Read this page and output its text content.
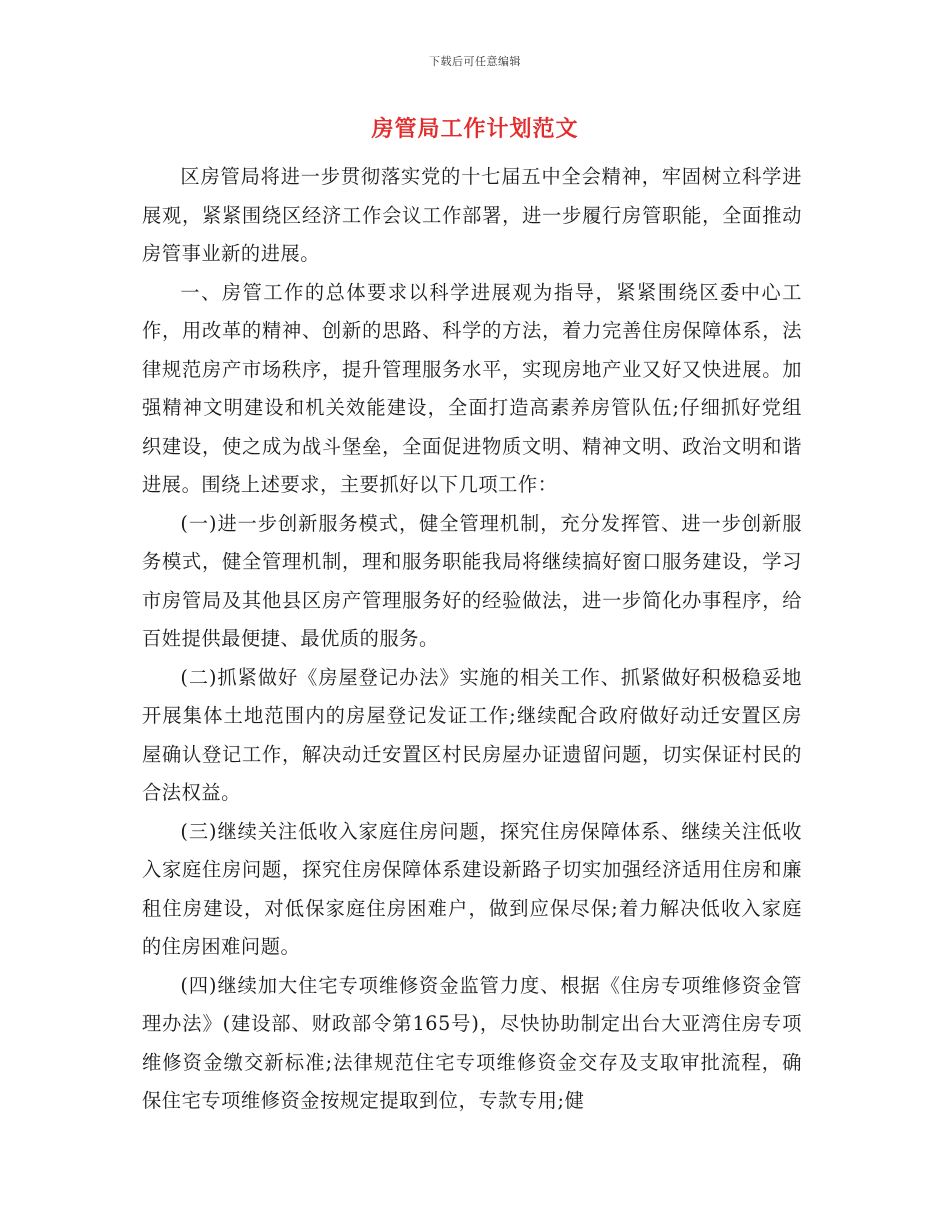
下载后可任意编辑
房管局工作计划范文

区房管局将进一步贯彻落实党的十七届五中全会精神，牢固树立科学进展观，紧紧围绕区经济工作会议工作部署，进一步履行房管职能，全面推动房管事业新的进展。

一、房管工作的总体要求以科学进展观为指导，紧紧围绕区委中心工作，用改革的精神、创新的思路、科学的方法，着力完善住房保障体系，法律规范房产市场秩序，提升管理服务水平，实现房地产业又好又快进展。加强精神文明建设和机关效能建设，全面打造高素养房管队伍;仔细抓好党组织建设，使之成为战斗堡垒，全面促进物质文明、精神文明、政治文明和谐进展。围绕上述要求，主要抓好以下几项工作：

(一)进一步创新服务模式，健全管理机制，充分发挥管、进一步创新服务模式，健全管理机制，理和服务职能我局将继续搞好窗口服务建设，学习市房管局及其他县区房产管理服务好的经验做法，进一步简化办事程序，给百姓提供最便捷、最优质的服务。

(二)抓紧做好《房屋登记办法》实施的相关工作、抓紧做好积极稳妥地开展集体土地范围内的房屋登记发证工作;继续配合政府做好动迁安置区房屋确认登记工作，解决动迁安置区村民房屋办证遗留问题，切实保证村民的合法权益。

(三)继续关注低收入家庭住房问题，探究住房保障体系、继续关注低收入家庭住房问题，探究住房保障体系建设新路子切实加强经济适用住房和廉租住房建设，对低保家庭住房困难户，做到应保尽保;着力解决低收入家庭的住房困难问题。

(四)继续加大住宅专项维修资金监管力度、根据《住房专项维修资金管理办法》(建设部、财政部令第165号)，尽快协助制定出台大亚湾住房专项维修资金缴交新标准;法律规范住宅专项维修资金交存及支取审批流程，确保住宅专项维修资金按规定提取到位，专款专用;健
